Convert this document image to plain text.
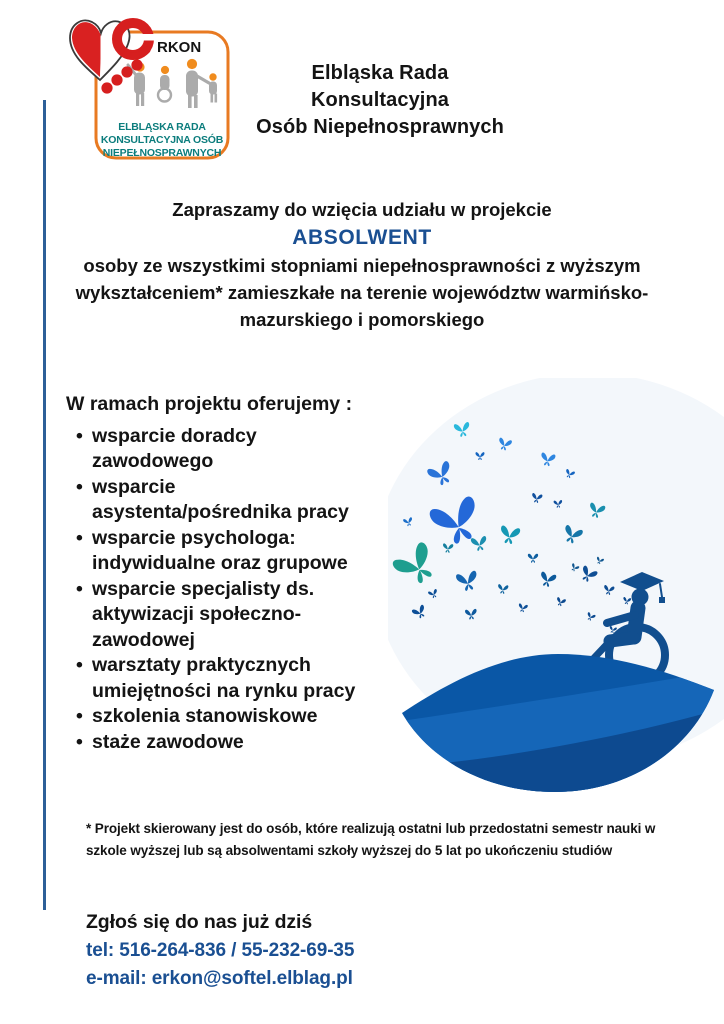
RKON
ELBLĄSKA RADA
KONSULTACYJNA OSÓB
NIEPEŁNOSPRAWNYCH
Elbląska Rada
Konsultacyjna
Osób Niepełnosprawnych
Zapraszamy do wzięcia udziału w projekcie
ABSOLWENT
osoby ze wszystkimi stopniami niepełnosprawności z wyższym wykształceniem* zamieszkałe na terenie województw warmińsko-mazurskiego i pomorskiego
W ramach projektu oferujemy :
• wsparcie doradcy zawodowego
• wsparcie asystenta/pośrednika pracy
• wsparcie psychologa: indywidualne oraz grupowe
• wsparcie specjalisty ds. aktywizacji społeczno-zawodowej
• warsztaty praktycznych umiejętności na rynku pracy
• szkolenia stanowiskowe
• staże zawodowe
* Projekt skierowany jest do osób, które realizują ostatni lub przedostatni semestr nauki w szkole wyższej lub są absolwentami szkoły wyższej do 5 lat po ukończeniu studiów
Zgłoś się do nas już dziś
tel: 516-264-836 / 55-232-69-35
e-mail: erkon@softel.elblag.pl
